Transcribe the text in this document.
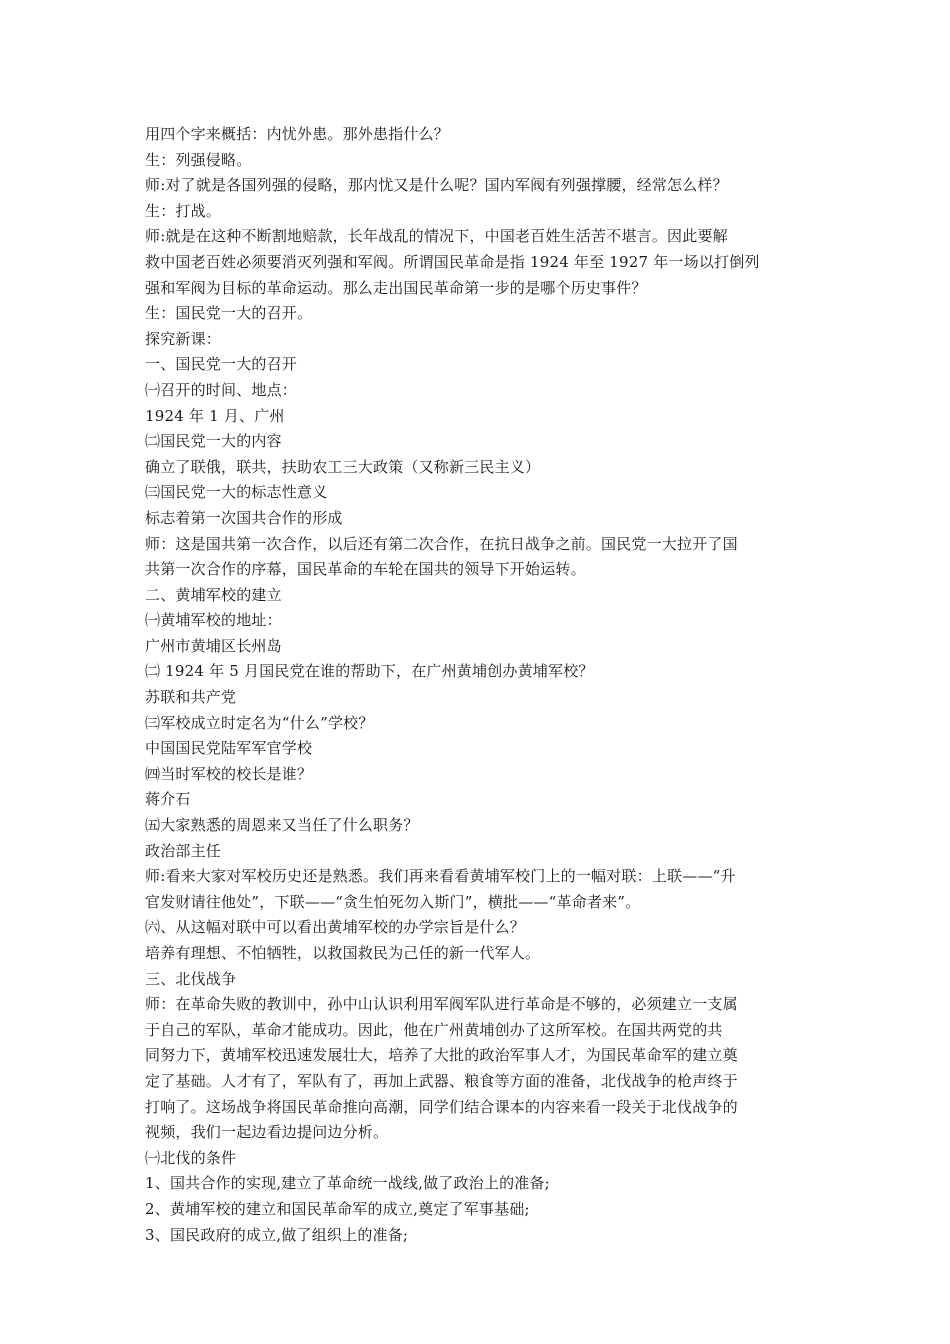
用四个字来概括：内忧外患。那外患指什么？
生：列强侵略。
师:对了就是各国列强的侵略，那内忧又是什么呢？国内军阀有列强撑腰，经常怎么样？
生：打战。
师:就是在这种不断割地赔款，长年战乱的情况下，中国老百姓生活苦不堪言。因此要解
救中国老百姓必须要消灭列强和军阀。所谓国民革命是指 1924 年至 1927 年一场以打倒列
强和军阀为目标的革命运动。那么走出国民革命第一步的是哪个历史事件？
生：国民党一大的召开。
探究新课：
一、国民党一大的召开
㈠召开的时间、地点：
1924 年 1 月、广州
㈡国民党一大的内容
确立了联俄，联共，扶助农工三大政策（又称新三民主义）
㈢国民党一大的标志性意义
标志着第一次国共合作的形成
师：这是国共第一次合作，以后还有第二次合作，在抗日战争之前。国民党一大拉开了国
共第一次合作的序幕，国民革命的车轮在国共的领导下开始运转。
二、黄埔军校的建立
㈠黄埔军校的地址：
广州市黄埔区长州岛
㈡ 1924 年 5 月国民党在谁的帮助下，在广州黄埔创办黄埔军校？
苏联和共产党
㈢军校成立时定名为“什么”学校？
中国国民党陆军军官学校
㈣当时军校的校长是谁？
蒋介石
㈤大家熟悉的周恩来又当任了什么职务？
政治部主任
师:看来大家对军校历史还是熟悉。我们再来看看黄埔军校门上的一幅对联：上联——“升
官发财请往他处”，下联——“贪生怕死勿入斯门”，横批——“革命者来”。
㈥、从这幅对联中可以看出黄埔军校的办学宗旨是什么？
培养有理想、不怕牺牲，以救国救民为己任的新一代军人。
三、北伐战争
师：在革命失败的教训中，孙中山认识利用军阀军队进行革命是不够的，必须建立一支属
于自己的军队，革命才能成功。因此，他在广州黄埔创办了这所军校。在国共两党的共
同努力下，黄埔军校迅速发展壮大，培养了大批的政治军事人才，为国民革命军的建立奠
定了基础。人才有了，军队有了，再加上武器、粮食等方面的准备，北伐战争的枪声终于
打响了。这场战争将国民革命推向高潮，同学们结合课本的内容来看一段关于北伐战争的
视频，我们一起边看边提问边分析。
㈠北伐的条件
1、国共合作的实现,建立了革命统一战线,做了政治上的准备;
2、黄埔军校的建立和国民革命军的成立,奠定了军事基础;
3、国民政府的成立,做了组织上的准备;
